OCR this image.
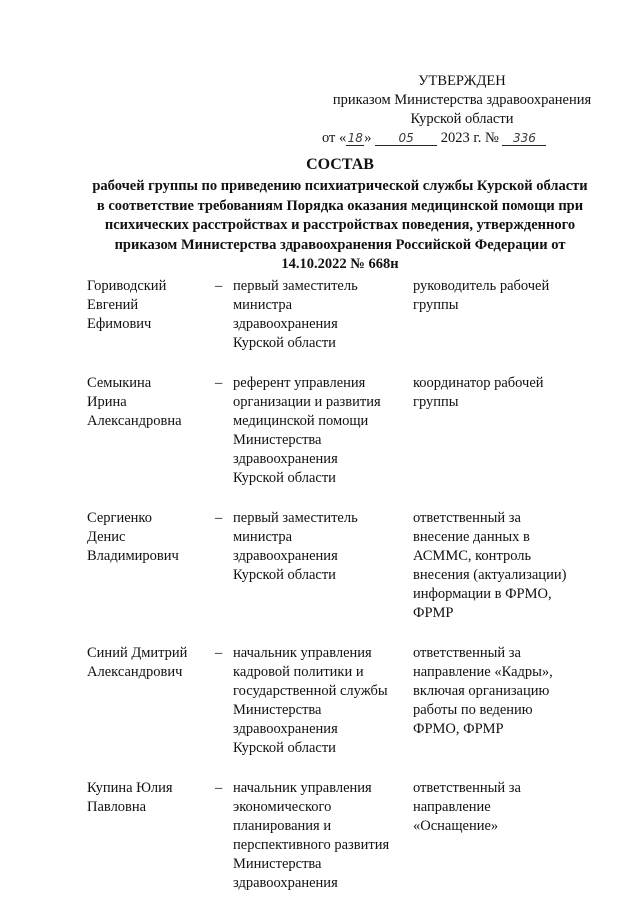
УТВЕРЖДЕН
приказом Министерства здравоохранения
Курской области
от «18» 05 2023 г. № 336
СОСТАВ
рабочей группы по приведению психиатрической службы Курской области в соответствие требованиям Порядка оказания медицинской помощи при психических расстройствах и расстройствах поведения, утвержденного приказом Министерства здравоохранения Российской Федерации от 14.10.2022 № 668н
Гориводский
Евгений
Ефимович
– первый заместитель
министра
здравоохранения
Курской области
руководитель рабочей
группы
Семыкина
Ирина
Александровна
– референт управления
организации и развития
медицинской помощи
Министерства
здравоохранения
Курской области
координатор рабочей
группы
Сергиенко
Денис
Владимирович
– первый заместитель
министра
здравоохранения
Курской области
ответственный за
внесение данных в
АСММС, контроль
внесения (актуализации)
информации в ФРМО,
ФРМР
Синий Дмитрий
Александрович
– начальник управления
кадровой политики и
государственной службы
Министерства
здравоохранения
Курской области
ответственный за
направление «Кадры»,
включая организацию
работы по ведению
ФРМО, ФРМР
Купина Юлия
Павловна
– начальник управления
экономического
планирования и
перспективного развития
Министерства
здравоохранения
ответственный за
направление
«Оснащение»
